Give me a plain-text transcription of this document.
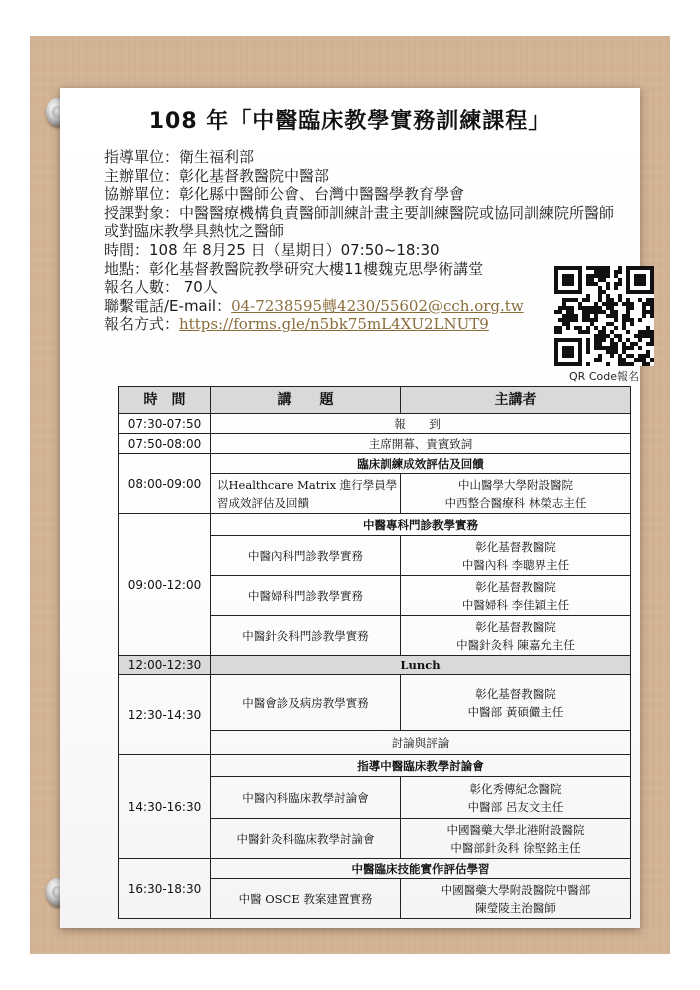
108 年「中醫臨床教學實務訓練課程」
指導單位：衛生福利部
主辦單位：彰化基督教醫院中醫部
協辦單位：彰化縣中醫師公會、台灣中醫醫學教育學會
授課對象：中醫醫療機構負責醫師訓練計畫主要訓練醫院或協同訓練院所醫師
或對臨床教學具熱忱之醫師
時間：108 年 8月25 日（星期日）07:50~18:30
地點：彰化基督教醫院教學研究大樓11樓魏克思學術講堂
報名人數： 70人
聯繫電話/E-mail：04-7238595轉4230/55602@cch.org.tw
報名方式：https://forms.gle/n5bk75mL4XU2LNUT9
QR Code報名
時　間	講　　題	主講者
07:30-07:50	報　到	
07:50-08:00	主席開幕、貴賓致詞	
08:00-09:00	臨床訓練成效評估及回饋	
	以Healthcare Matrix 進行學員學習成效評估及回饋	中山醫學大學附設醫院
中西整合醫療科 林榮志主任

09:00-12:00	中醫專科門診教學實務	
	中醫內科門診教學實務	彰化基督教醫院
中醫內科 李聰界主任

	中醫婦科門診教學實務	彰化基督教醫院
中醫婦科 李佳穎主任

	中醫針灸科門診教學實務	彰化基督教醫院
中醫針灸科 陳嘉允主任

12:00-12:30	Lunch	
12:30-14:30	中醫會診及病房教學實務	彰化基督教醫院
中醫部 黃碩儼主任

	討論與評論	
14:30-16:30	指導中醫臨床教學討論會	
	中醫內科臨床教學討論會	彰化秀傳紀念醫院
中醫部 呂友文主任

	中醫針灸科臨床教學討論會	中國醫藥大學北港附設醫院
中醫部針灸科 徐堅銘主任

16:30-18:30	中醫臨床技能實作評估學習	
	中醫 OSCE 教案建置實務	中國醫藥大學附設醫院中醫部
陳瑩陵主治醫師
